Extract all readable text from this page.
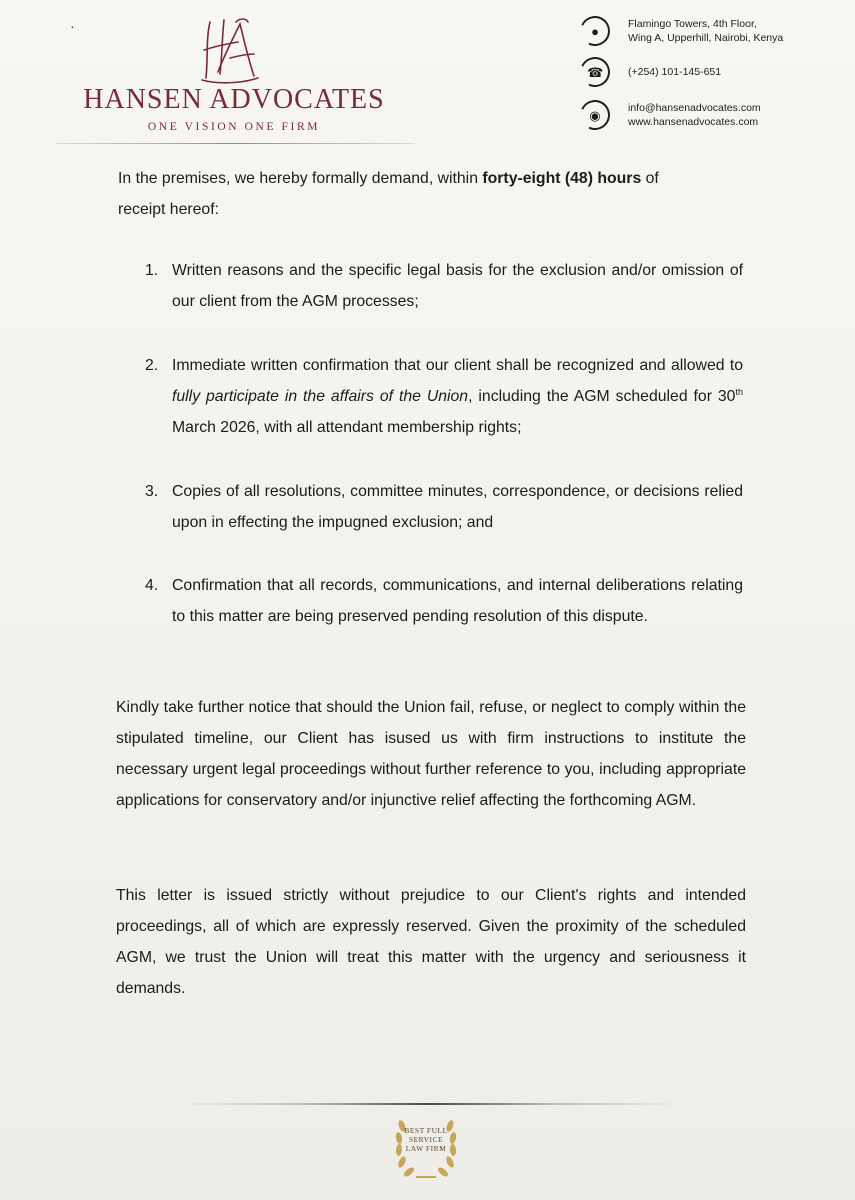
·
HANSEN ADVOCATES
ONE VISION ONE FIRM
●	Flamingo Towers, 4th Floor,
Wing A, Upperhill, Nairobi, Kenya
☎ (+254) 101-145-651
◉	info@hansenadvocates.com
www.hansenadvocates.com
In the premises, we hereby formally demand, within forty-eight (48) hours of
receipt hereof:
1. Written reasons and the specific legal basis for the exclusion and/or omission of our client from the AGM processes;
2. Immediate written confirmation that our client shall be recognized and allowed to fully participate in the affairs of the Union, including the AGM scheduled for 30th March 2026, with all attendant membership rights;
3. Copies of all resolutions, committee minutes, correspondence, or decisions relied upon in effecting the impugned exclusion; and
4. Confirmation that all records, communications, and internal deliberations relating to this matter are being preserved pending resolution of this dispute.
Kindly take further notice that should the Union fail, refuse, or neglect to comply within the stipulated timeline, our Client has isused us with firm instructions to institute the necessary urgent legal proceedings without further reference to you, including appropriate applications for conservatory and/or injunctive relief affecting the forthcoming AGM.
This letter is issued strictly without prejudice to our Client's rights and intended proceedings, all of which are expressly reserved. Given the proximity of the scheduled AGM, we trust the Union will treat this matter with the urgency and seriousness it demands.
BEST FULL
SERVICE
LAW FIRM
